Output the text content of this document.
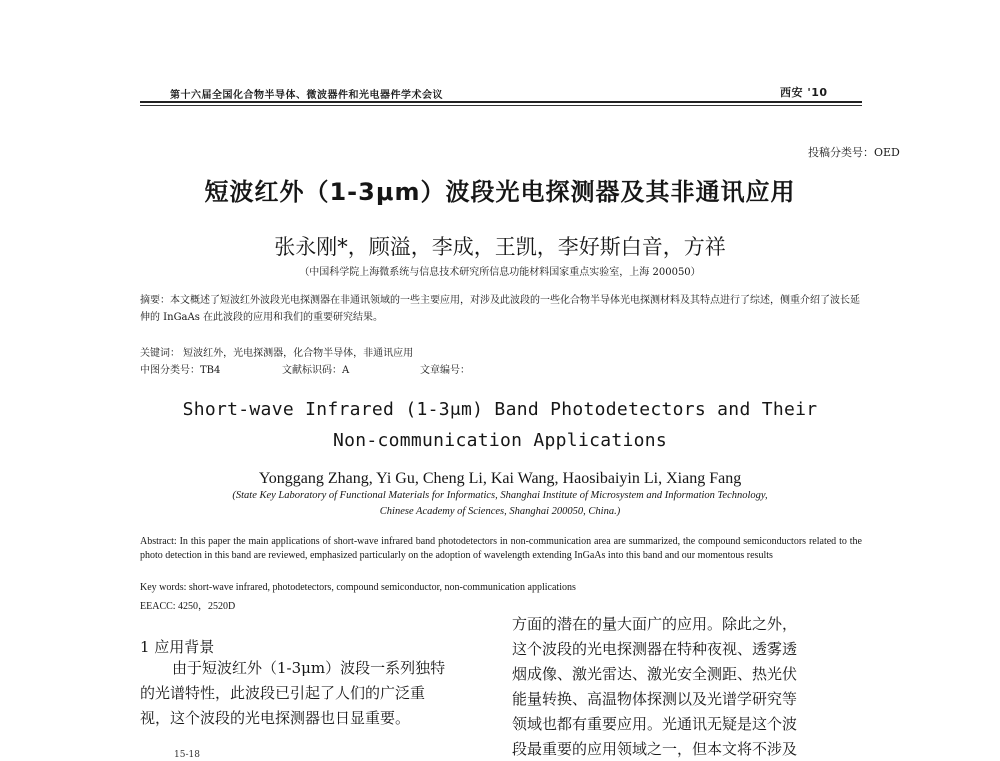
第十六届全国化合物半导体、微波器件和光电器件学术会议	西安 '10
投稿分类号：OED
短波红外（1-3μm）波段光电探测器及其非通讯应用
张永刚*，顾溢，李成，王凯，李好斯白音，方祥
（中国科学院上海微系统与信息技术研究所信息功能材料国家重点实验室，上海 200050）
摘要：本文概述了短波红外波段光电探测器在非通讯领域的一些主要应用，对涉及此波段的一些化合物半导体光电探测材料及其特点进行了综述，侧重介绍了波长延伸的 InGaAs 在此波段的应用和我们的重要研究结果。
关键词： 短波红外，光电探测器，化合物半导体，非通讯应用
中图分类号：TB4	文献标识码：A	文章编号：
Short-wave Infrared (1-3μm) Band Photodetectors and Their
Non-communication Applications
Yonggang Zhang, Yi Gu, Cheng Li, Kai Wang, Haosibaiyin Li, Xiang Fang
(State Key Laboratory of Functional Materials for Informatics, Shanghai Institute of Microsystem and Information Technology,
Chinese Academy of Sciences, Shanghai 200050, China.)
Abstract: In this paper the main applications of short-wave infrared band photodetectors in non-communication area are summarized, the compound semiconductors related to the photo detection in this band are reviewed, emphasized particularly on the adoption of wavelength extending InGaAs into this band and our momentous results
Key words: short-wave infrared, photodetectors, compound semiconductor, non-communication applications
EEACC: 4250，2520D
1 应用背景
由于短波红外（1-3μm）波段一系列独特
的光谱特性，此波段已引起了人们的广泛重
视，这个波段的光电探测器也日显重要。
15-18
方面的潜在的量大面广的应用。除此之外，
这个波段的光电探测器在特种夜视、透雾透
烟成像、激光雷达、激光安全测距、热光伏
能量转换、高温物体探测以及光谱学研究等
领域也都有重要应用。光通讯无疑是这个波
段最重要的应用领域之一，但本文将不涉及
